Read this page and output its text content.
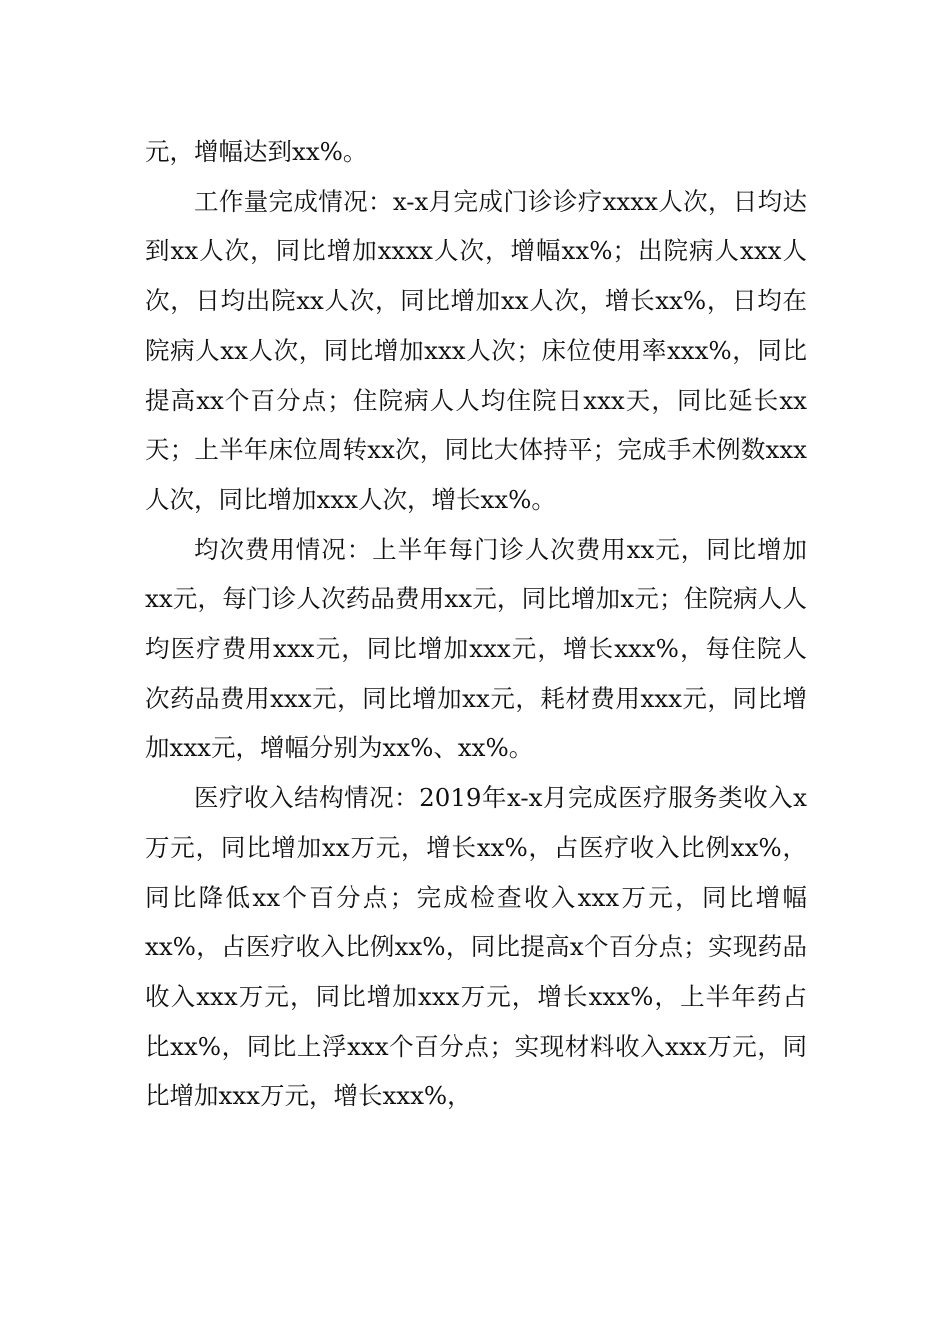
元，增幅达到xx%。

工作量完成情况：x-x月完成门诊诊疗xxxx人次，日均达到xx人次，同比增加xxxx人次，增幅xx%；出院病人xxx人次，日均出院xx人次，同比增加xx人次，增长xx%，日均在院病人xx人次，同比增加xxx人次；床位使用率xxx%，同比提高xx个百分点；住院病人人均住院日xxx天，同比延长xx天；上半年床位周转xx次，同比大体持平；完成手术例数xxx人次，同比增加xxx人次，增长xx%。

均次费用情况：上半年每门诊人次费用xx元，同比增加xx元，每门诊人次药品费用xx元，同比增加x元；住院病人人均医疗费用xxx元，同比增加xxx元，增长xxx%，每住院人次药品费用xxx元，同比增加xx元，耗材费用xxx元，同比增加xxx元，增幅分别为xx%、xx%。

医疗收入结构情况：2019年x-x月完成医疗服务类收入x万元，同比增加xx万元，增长xx%，占医疗收入比例xx%，同比降低xx个百分点；完成检查收入xxx万元，同比增幅xx%，占医疗收入比例xx%，同比提高x个百分点；实现药品收入xxx万元，同比增加xxx万元，增长xxx%，上半年药占比xx%，同比上浮xxx个百分点；实现材料收入xxx万元，同比增加xxx万元，增长xxx%，
